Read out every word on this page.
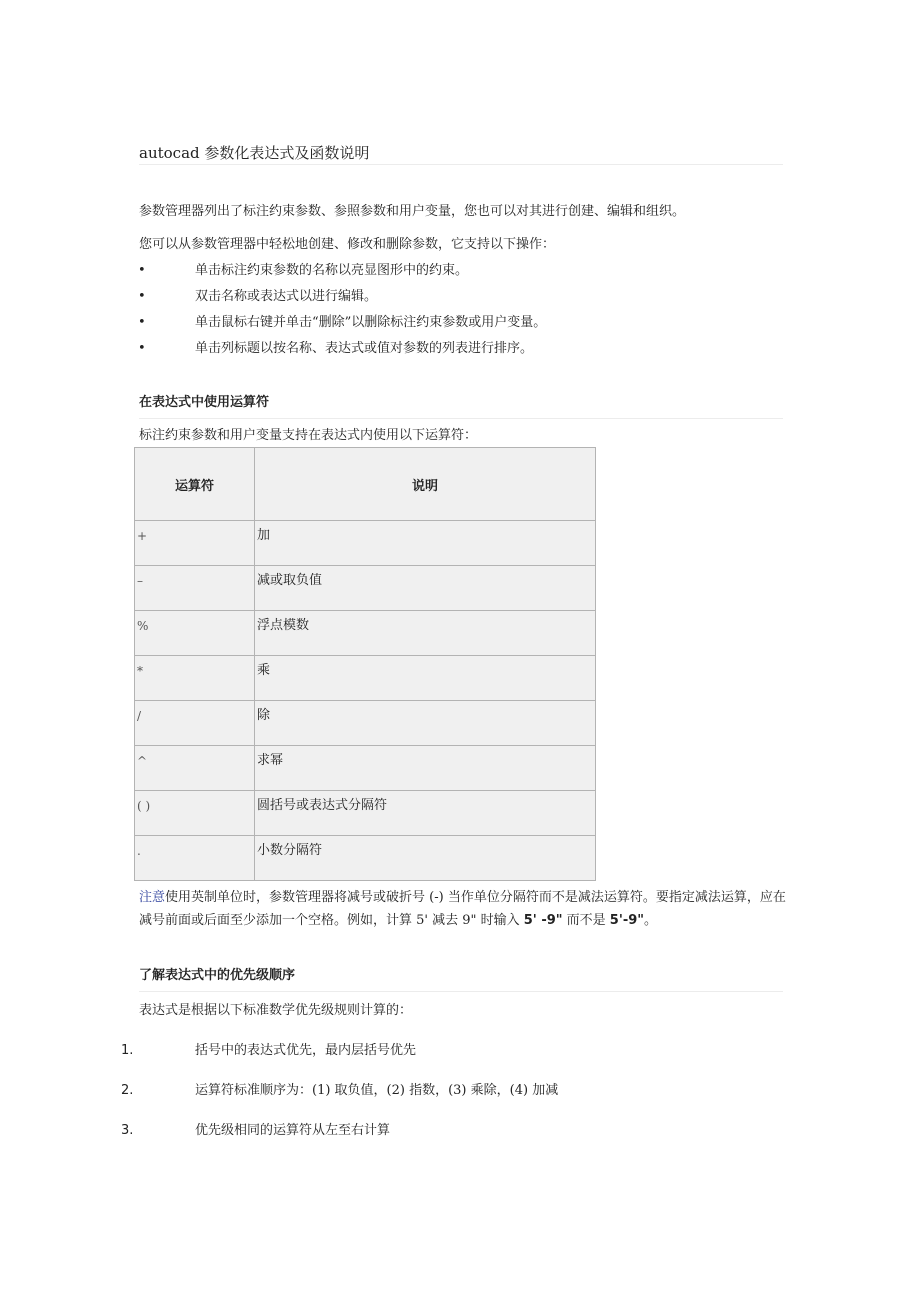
autocad 参数化表达式及函数说明
参数管理器列出了标注约束参数、参照参数和用户变量，您也可以对其进行创建、编辑和组织。
您可以从参数管理器中轻松地创建、修改和删除参数，它支持以下操作：
•	单击标注约束参数的名称以亮显图形中的约束。
•	双击名称或表达式以进行编辑。
•	单击鼠标右键并单击“删除”以删除标注约束参数或用户变量。
•	单击列标题以按名称、表达式或值对参数的列表进行排序。
在表达式中使用运算符
标注约束参数和用户变量支持在表达式内使用以下运算符：
运算符	说明
+	加
–	减或取负值
%	浮点模数
*	乘
/	除
^	求幂
( )	圆括号或表达式分隔符
.	小数分隔符
注意使用英制单位时，参数管理器将减号或破折号 (-) 当作单位分隔符而不是减法运算符。要指定减法运算，应在减号前面或后面至少添加一个空格。例如，计算 5' 减去 9" 时输入 5' -9" 而不是 5'-9"。
了解表达式中的优先级顺序
表达式是根据以下标准数学优先级规则计算的：
1.	括号中的表达式优先，最内层括号优先
2.	运算符标准顺序为：(1) 取负值，(2) 指数，(3) 乘除，(4) 加减
3.	优先级相同的运算符从左至右计算
